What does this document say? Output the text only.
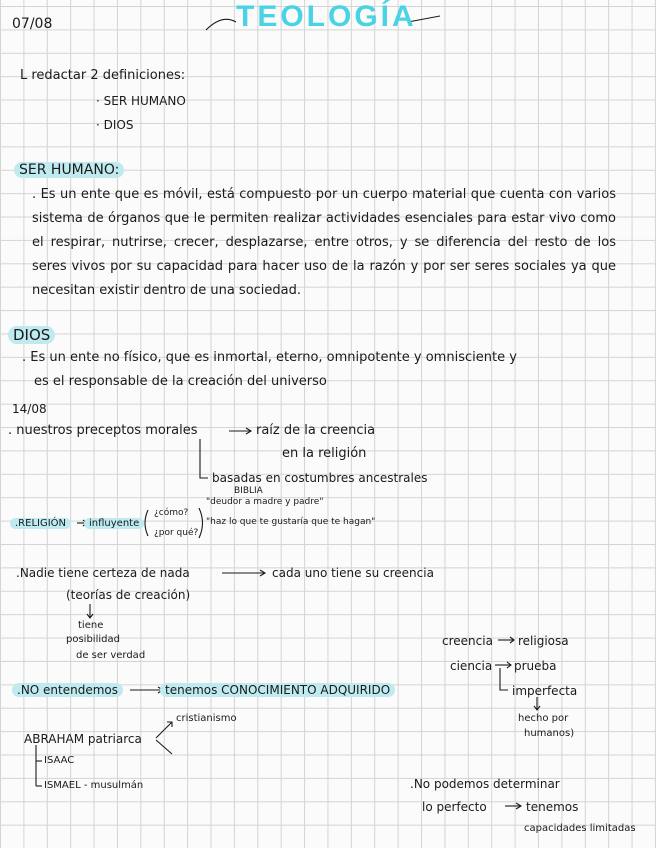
07/08	TEOLOGÍA
L redactar 2 definiciones:
· SER HUMANO
· DIOS
SER HUMANO:
. Es un ente que es móvil, está compuesto por un cuerpo material que cuenta con varios sistema de órganos que le permiten realizar actividades esenciales para estar vivo como el respirar, nutrirse, crecer, desplazarse, entre otros, y se diferencia del resto de los seres vivos por su capacidad para hacer uso de la razón y por ser seres sociales ya que necesitan existir dentro de una sociedad.
DIOS
. Es un ente no físico, que es inmortal, eterno, omnipotente y omnisciente y
es el responsable de la creación del universo
14/08
. nuestros preceptos morales	raíz de la creencia
en la religión
basadas en costumbres ancestrales
.RELIGIÓN	influyente
¿cómo?
¿por qué?
BIBLIA
"deudor a madre y padre"
"haz lo que te gustaría que te hagan"
.Nadie tiene certeza de nada	cada uno tiene su creencia
(teorías de creación)
tiene
posibilidad
de ser verdad
creencia religiosa
ciencia prueba
imperfecta
hecho por
humanos)
.NO entendemos	tenemos CONOCIMIENTO ADQUIRIDO
ABRAHAM patriarca
cristianismo
ISAAC
ISMAEL - musulmán	.No podemos determinar
lo perfecto	tenemos
capacidades limitadas
